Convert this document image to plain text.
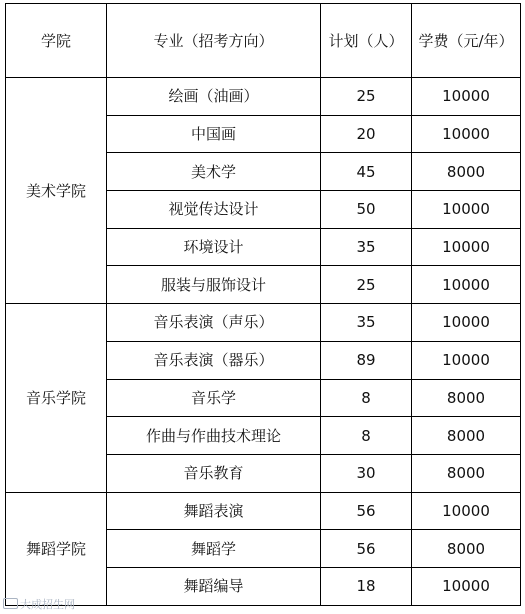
学院	专业（招考方向）	计划（人）	学费（元/年）

美术学院	绘画（油画）	25	10000
	中国画	20	10000
	美术学	45	8000
	视觉传达设计	50	10000
	环境设计	35	10000
	服装与服饰设计	25	10000
音乐学院	音乐表演（声乐）	35	10000
	音乐表演（器乐）	89	10000
	音乐学	8	8000
	作曲与作曲技术理论	8	8000
	音乐教育	30	8000
舞蹈学院	舞蹈表演	56	10000
	舞蹈学	56	8000
	舞蹈编导	18	10000
大成招生网
